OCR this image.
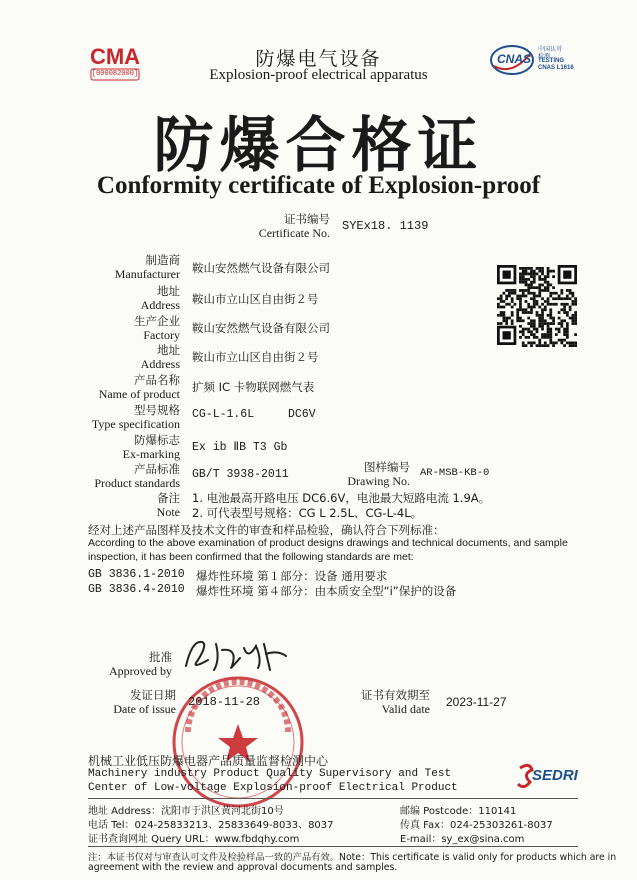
CMA
[000082000]
防爆电气设备
Explosion-proof electrical apparatus
CNAS
中国认可
检测
TESTING
CNAS L1616
防爆合格证
Conformity certificate of Explosion-proof
证书编号
Certificate No. SYEx18. 1139
制造商
Manufacturer 鞍山安然燃气设备有限公司
地址
Address 鞍山市立山区自由街２号
生产企业
Factory 鞍山安然燃气设备有限公司
地址
Address 鞍山市立山区自由街２号
产品名称
Name of product 扩频 IC 卡物联网燃气表
型号规格
Type specification
CG-L-1.6L	DC6V
防爆标志
Ex-marking Ex ib ⅡB T3 Gb
产品标准
Product standards
GB/T 3938-2011
图样编号
Drawing No.
AR-MSB-KB-0
备注
Note
1. 电池最高开路电压 DC6.6V，电池最大短路电流 1.9A。
2. 可代表型号规格：CG L 2.5L、CG-L-4L。
经对上述产品图样及技术文件的审查和样品检验，确认符合下列标准：
According to the above examination of product designs drawings and technical documents, and sample
inspection, it has been confirmed that the following standards are met:
GB 3836.1-2010 爆炸性环境 第１部分：设备 通用要求
GB 3836.4-2010 爆炸性环境 第４部分：由本质安全型“i”保护的设备
批准
Approved by
发证日期
Date of issue 2018-11-28	证书有效期至
Valid date 2023-11-27
机械工业低压防爆电器产品质量监督检测中心
Machinery industry Product Quality Supervisory and Test
Center of Low-voltage Explosion-proof Electrical Product
SEDRI
地址 Address：沈阳市于洪区黄河北街10号	邮编 Postcode：110141
电话 Tel：024-25833213、25833649-8033、8037	传真 Fax：024-25303261-8037
证书查询网址 Query URL：www.fbdqhy.com	E-mail：sy_ex@sina.com
注：本证书仅对与审查认可文件及检验样品一致的产品有效。Note：This certificate is valid only for products which are in
agreement with the review and approval documents and samples.
